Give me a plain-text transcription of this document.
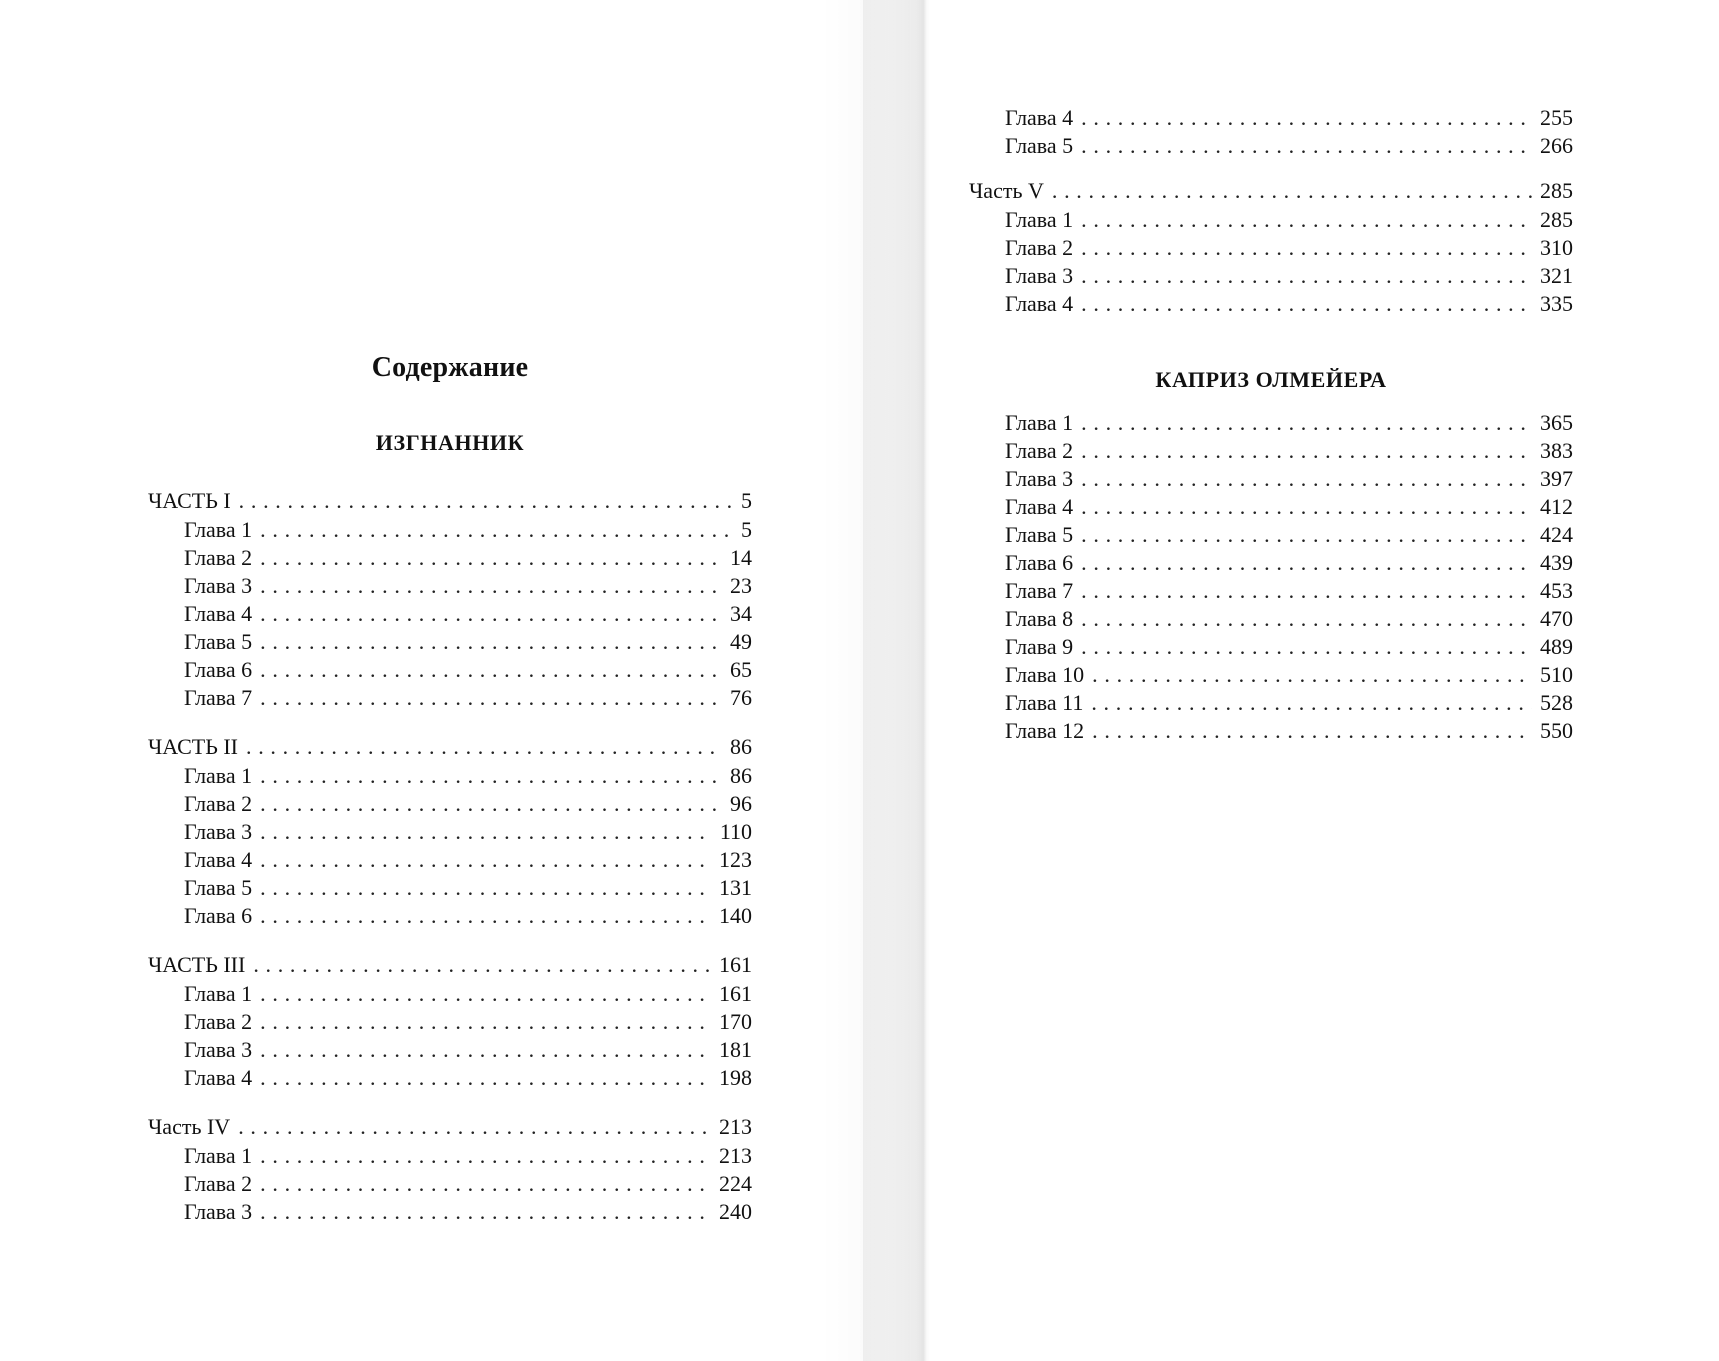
Содержание
ИЗГНАННИК
ЧАСТЬ I . . .	5
Глава 1 . . .	5
Глава 2 . . .	14
Глава 3 . . .	23
Глава 4 . . .	34
Глава 5 . . .	49
Глава 6 . . .	65
Глава 7 . . .	76
ЧАСТЬ II . . .	86
Глава 1 . . .	86
Глава 2 . . .	96
Глава 3 . . .	110
Глава 4 . . .	123
Глава 5 . . .	131
Глава 6 . . .	140
ЧАСТЬ III . . .	161
Глава 1 . . .	161
Глава 2 . . .	170
Глава 3 . . .	181
Глава 4 . . .	198
Часть IV . . .	213
Глава 1 . . .	213
Глава 2 . . .	224
Глава 3 . . .	240
Глава 4 . . .	255
Глава 5 . . .	266
Часть V . . .	285
Глава 1 . . .	285
Глава 2 . . .	310
Глава 3 . . .	321
Глава 4 . . .	335
КАПРИЗ ОЛМЕЙЕРА
Глава 1 . . .	365
Глава 2 . . .	383
Глава 3 . . .	397
Глава 4 . . .	412
Глава 5 . . .	424
Глава 6 . . .	439
Глава 7 . . .	453
Глава 8 . . .	470
Глава 9 . . .	489
Глава 10 . . .	510
Глава 11 . . .	528
Глава 12 . . .	550
